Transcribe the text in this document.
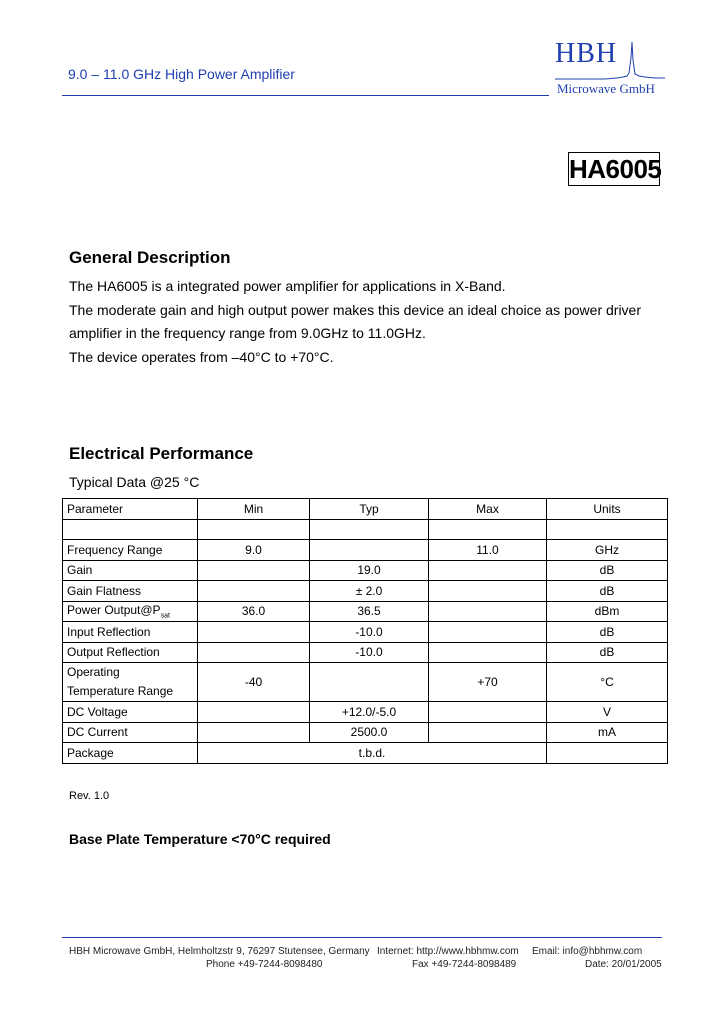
9.0 – 11.0 GHz High Power Amplifier
HBH
Microwave GmbH
HA6005
General Description
The HA6005 is a integrated power amplifier for applications in X-Band.
The moderate gain and high output power makes this device an ideal choice as power driver
amplifier in the frequency range from 9.0GHz to 11.0GHz.
The device operates from –40°C to +70°C.
Electrical Performance
Typical Data @25 °C
Parameter	Min	Typ	Max	Units

Frequency Range	9.0		11.0	GHz
Gain		19.0		dB
Gain Flatness		± 2.0		dB
Power $Output@P_{sat}$	36.0	36.5		dBm
Input Reflection		-10.0		dB
Output Reflection		-10.0		dB

Operating
Temperature Range	-40		+70	°C
DC Voltage		+12.0/-5.0		V
DC Current		2500.0		mA
Package	t.b.d.			
Rev. 1.0
Base Plate Temperature <70°C required
HBH Microwave GmbH, Helmholtzstr 9, 76297 Stutensee, Germany Internet: http://www.hbhmw.com Email: info@hbhmw.com
Phone +49-7244-8098480	Fax +49-7244-8098489	Date: 20/01/2005
